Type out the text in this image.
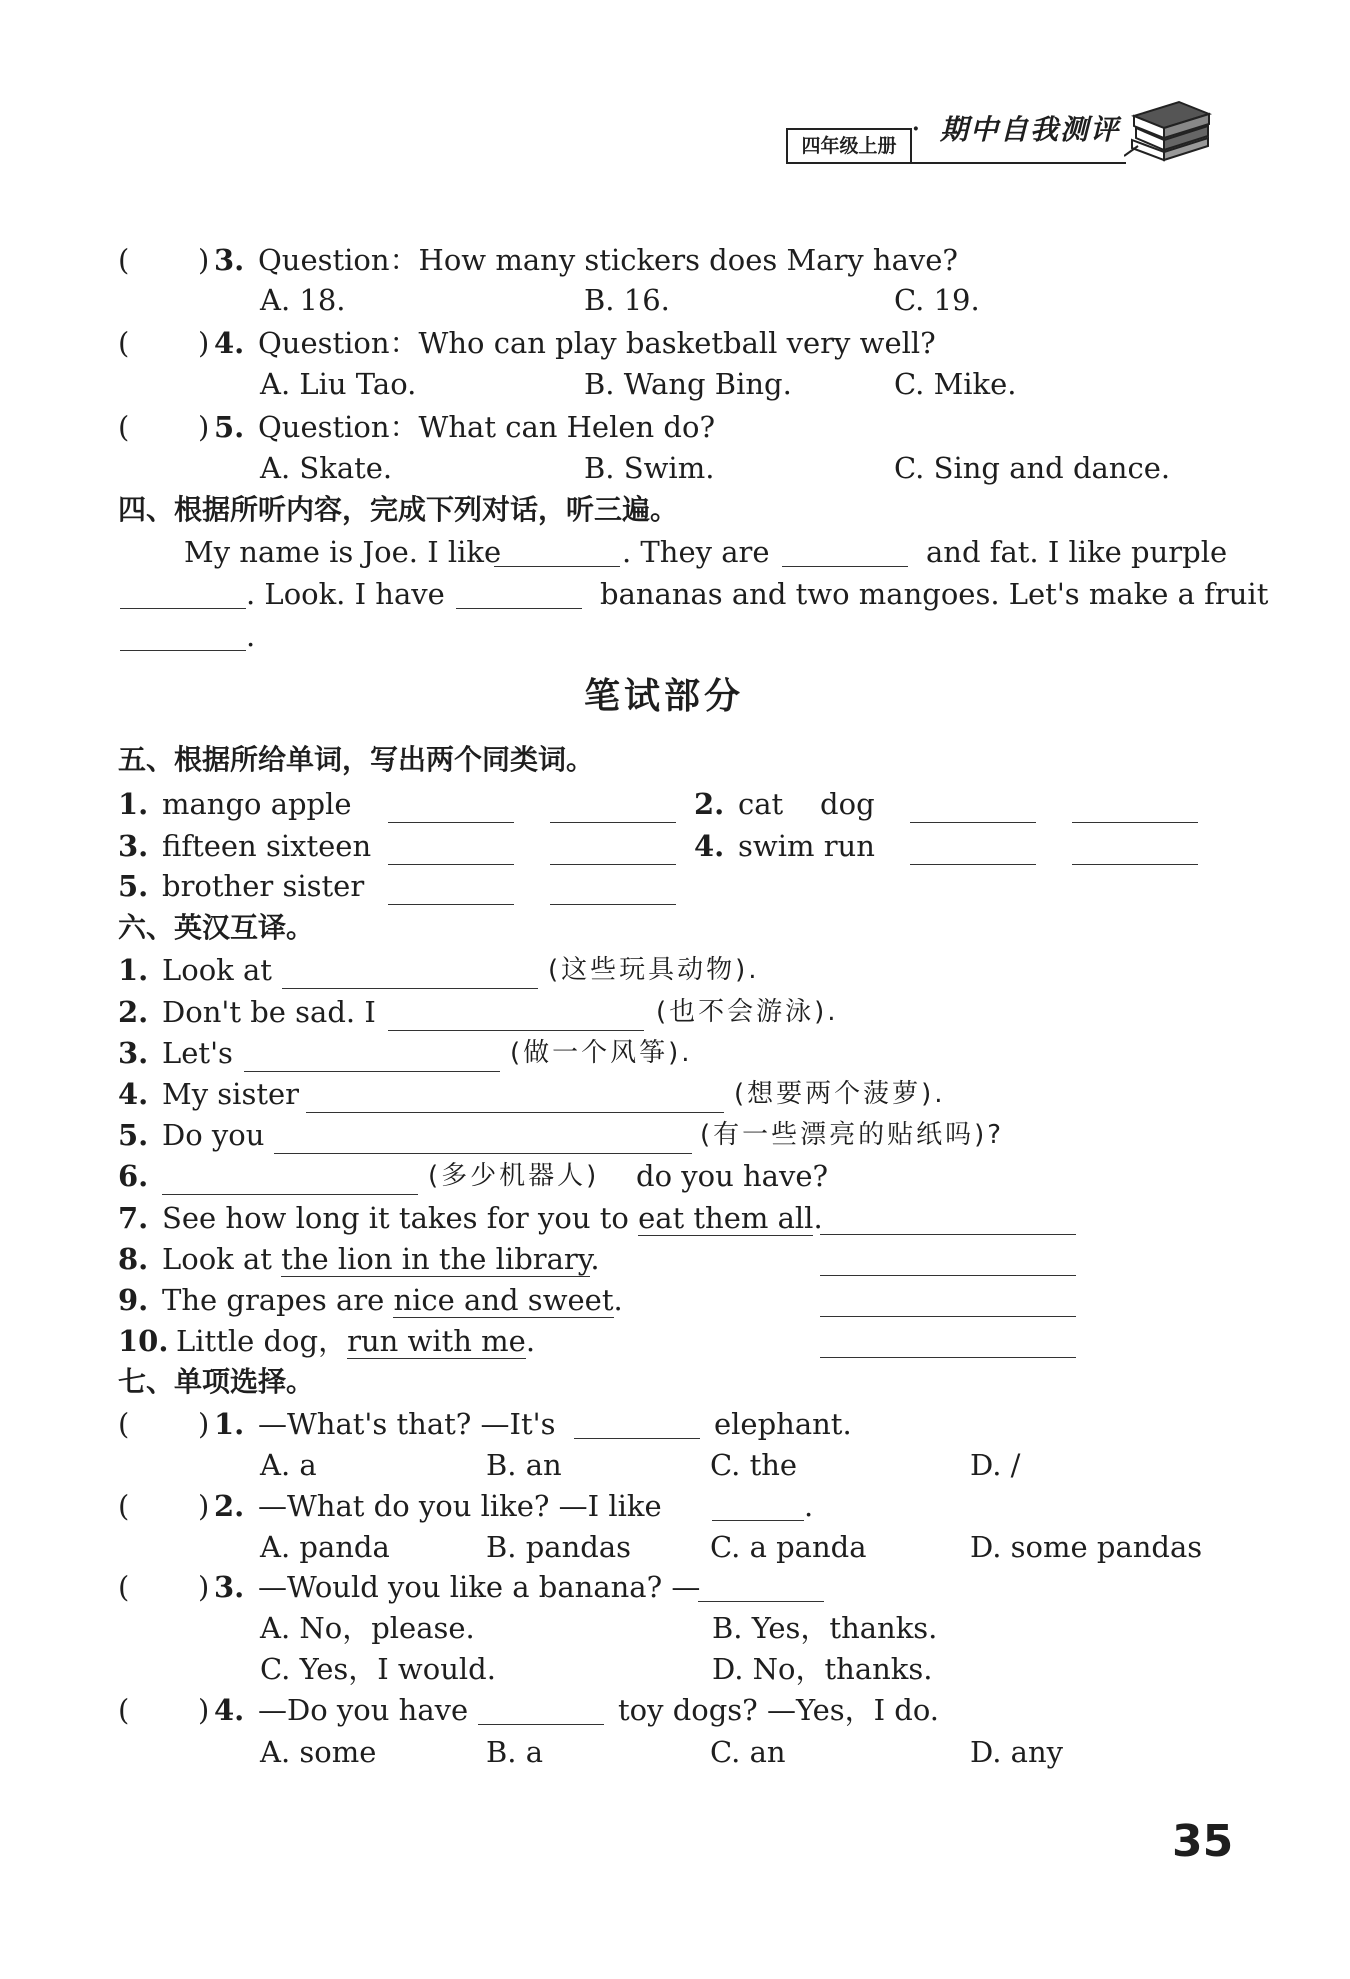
四年级上册
· 期中自我测评
( ) 3. Question：How many stickers does Mary have?
A. 18.	B. 16.	C. 19.
( ) 4. Question：Who can play basketball very well?
A. Liu Tao.	B. Wang Bing.	C. Mike.
( ) 5. Question：What can Helen do?
A. Skate.	B. Swim.	C. Sing and dance.
四、根据所听内容，完成下列对话，听三遍。
My name is Joe. I like	. They are	and fat. I like purple
. Look. I have	bananas and two mangoes. Let's make a fruit
.
笔试部分
五、根据所给单词，写出两个同类词。
1. mango apple	2. cat    dog
3. fifteen sixteen	4. swim run
5. brother sister
六、英汉互译。
1. Look at	(这些玩具动物).
2. Don't be sad. I	(也不会游泳).
3. Let's	(做一个风筝).
4. My sister	(想要两个菠萝).
5. Do you	(有一些漂亮的贴纸吗)?
6.	(多少机器人) do you have?
7. See how long it takes for you to eat them all.
8. Look at the lion in the library.
9. The grapes are nice and sweet.
10. Little dog，run with me.
七、单项选择。
( ) 1. —What's that? —It's	elephant.
A. a	B. an	C. the	D. /
( ) 2. —What do you like? —I like	.
A. panda	B. pandas	C. a panda	D. some pandas
( ) 3. —Would you like a banana? —
A. No，please.	B. Yes，thanks.
C. Yes，I would.	D. No，thanks.
( ) 4. —Do you have	toy dogs? —Yes，I do.
A. some	B. a	C. an	D. any
35
